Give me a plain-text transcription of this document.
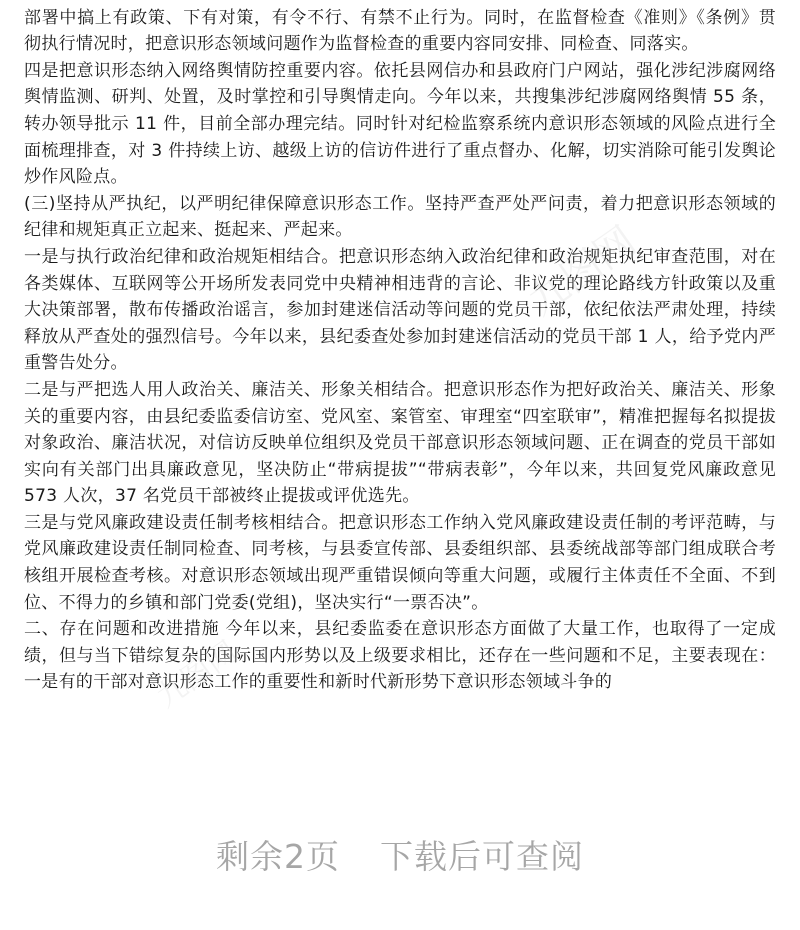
部署中搞上有政策、下有对策，有令不行、有禁不止行为。同时，在监督检查《准则》《条例》贯彻执行情况时，把意识形态领域问题作为监督检查的重要内容同安排、同检查、同落实。

四是把意识形态纳入网络舆情防控重要内容。依托县网信办和县政府门户网站，强化涉纪涉腐网络舆情监测、研判、处置，及时掌控和引导舆情走向。今年以来，共搜集涉纪涉腐网络舆情 55 条，转办领导批示 11 件，目前全部办理完结。同时针对纪检监察系统内意识形态领域的风险点进行全面梳理排查，对 3 件持续上访、越级上访的信访件进行了重点督办、化解，切实消除可能引发舆论炒作风险点。

(三)坚持从严执纪，以严明纪律保障意识形态工作。坚持严查严处严问责，着力把意识形态领域的纪律和规矩真正立起来、挺起来、严起来。

一是与执行政治纪律和政治规矩相结合。把意识形态纳入政治纪律和政治规矩执纪审查范围，对在各类媒体、互联网等公开场所发表同党中央精神相违背的言论、非议党的理论路线方针政策以及重大决策部署，散布传播政治谣言，参加封建迷信活动等问题的党员干部，依纪依法严肃处理，持续释放从严查处的强烈信号。今年以来，县纪委查处参加封建迷信活动的党员干部 1 人，给予党内严重警告处分。

二是与严把选人用人政治关、廉洁关、形象关相结合。把意识形态作为把好政治关、廉洁关、形象关的重要内容，由县纪委监委信访室、党风室、案管室、审理室“四室联审”，精准把握每名拟提拔对象政治、廉洁状况，对信访反映单位组织及党员干部意识形态领域问题、正在调查的党员干部如实向有关部门出具廉政意见，坚决防止“带病提拔”“带病表彰”，今年以来，共回复党风廉政意见 573 人次，37 名党员干部被终止提拔或评优选先。

三是与党风廉政建设责任制考核相结合。把意识形态工作纳入党风廉政建设责任制的考评范畴，与党风廉政建设责任制同检查、同考核，与县委宣传部、县委组织部、县委统战部等部门组成联合考核组开展检查考核。对意识形态领域出现严重错误倾向等重大问题，或履行主体责任不全面、不到位、不得力的乡镇和部门党委(党组)，坚决实行“一票否决”。

二、存在问题和改进措施 今年以来，县纪委监委在意识形态方面做了大量工作，也取得了一定成绩，但与当下错综复杂的国际国内形势以及上级要求相比，还存在一些问题和不足，主要表现在：一是有的干部对意识形态工作的重要性和新时代新形势下意识形态领域斗争的

九图网
九图网
剩余2页 下载后可查阅
